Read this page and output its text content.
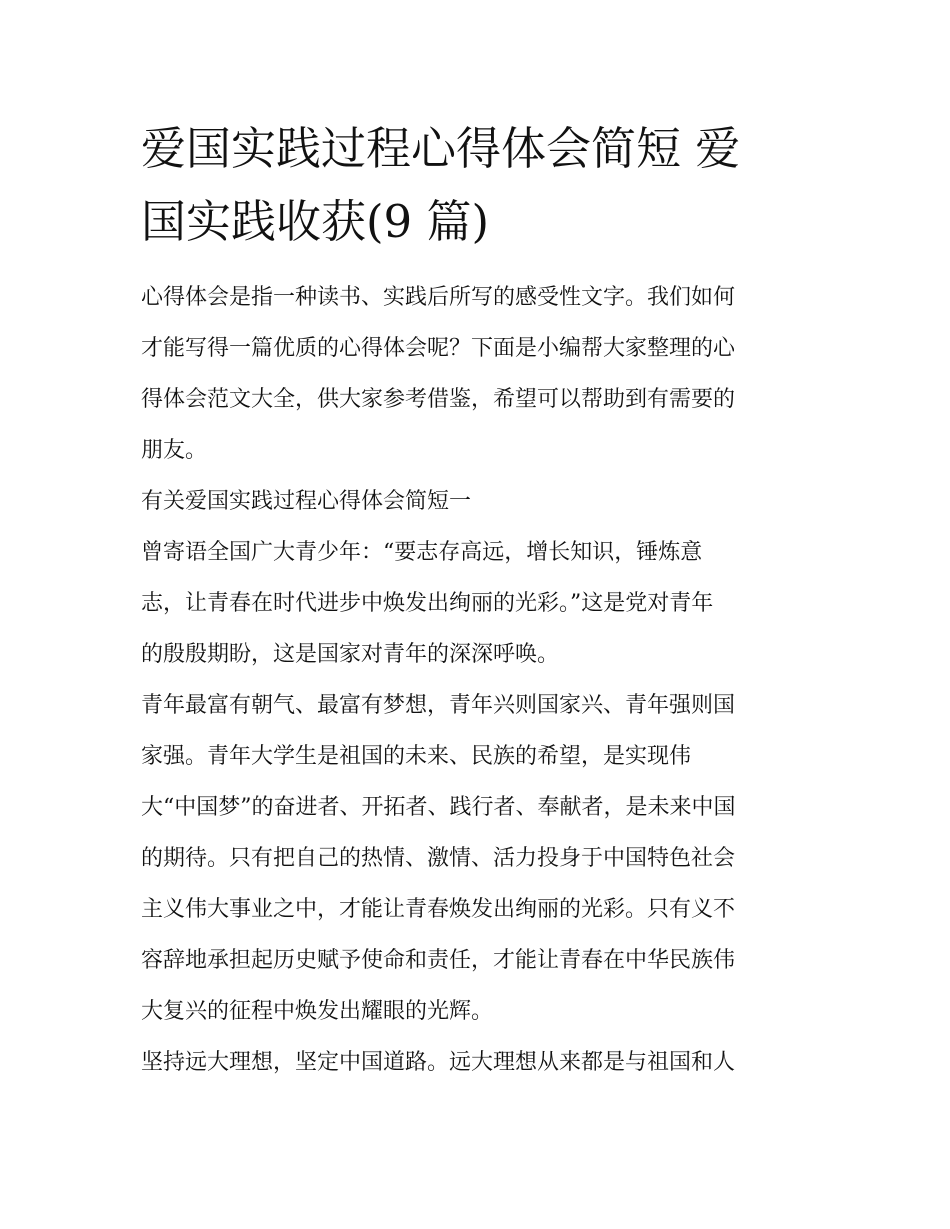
爱国实践过程心得体会简短 爱
国实践收获(9 篇)

心得体会是指一种读书、实践后所写的感受性文字。我们如何
才能写得一篇优质的心得体会呢？下面是小编帮大家整理的心
得体会范文大全，供大家参考借鉴，希望可以帮助到有需要的
朋友。

有关爱国实践过程心得体会简短一

曾寄语全国广大青少年：“要志存高远，增长知识，锤炼意
志，让青春在时代进步中焕发出绚丽的光彩。”这是党对青年
的殷殷期盼，这是国家对青年的深深呼唤。

青年最富有朝气、最富有梦想，青年兴则国家兴、青年强则国
家强。青年大学生是祖国的未来、民族的希望，是实现伟
大“中国梦”的奋进者、开拓者、践行者、奉献者，是未来中国
的期待。只有把自己的热情、激情、活力投身于中国特色社会
主义伟大事业之中，才能让青春焕发出绚丽的光彩。只有义不
容辞地承担起历史赋予使命和责任，才能让青春在中华民族伟
大复兴的征程中焕发出耀眼的光辉。

坚持远大理想，坚定中国道路。远大理想从来都是与祖国和人
